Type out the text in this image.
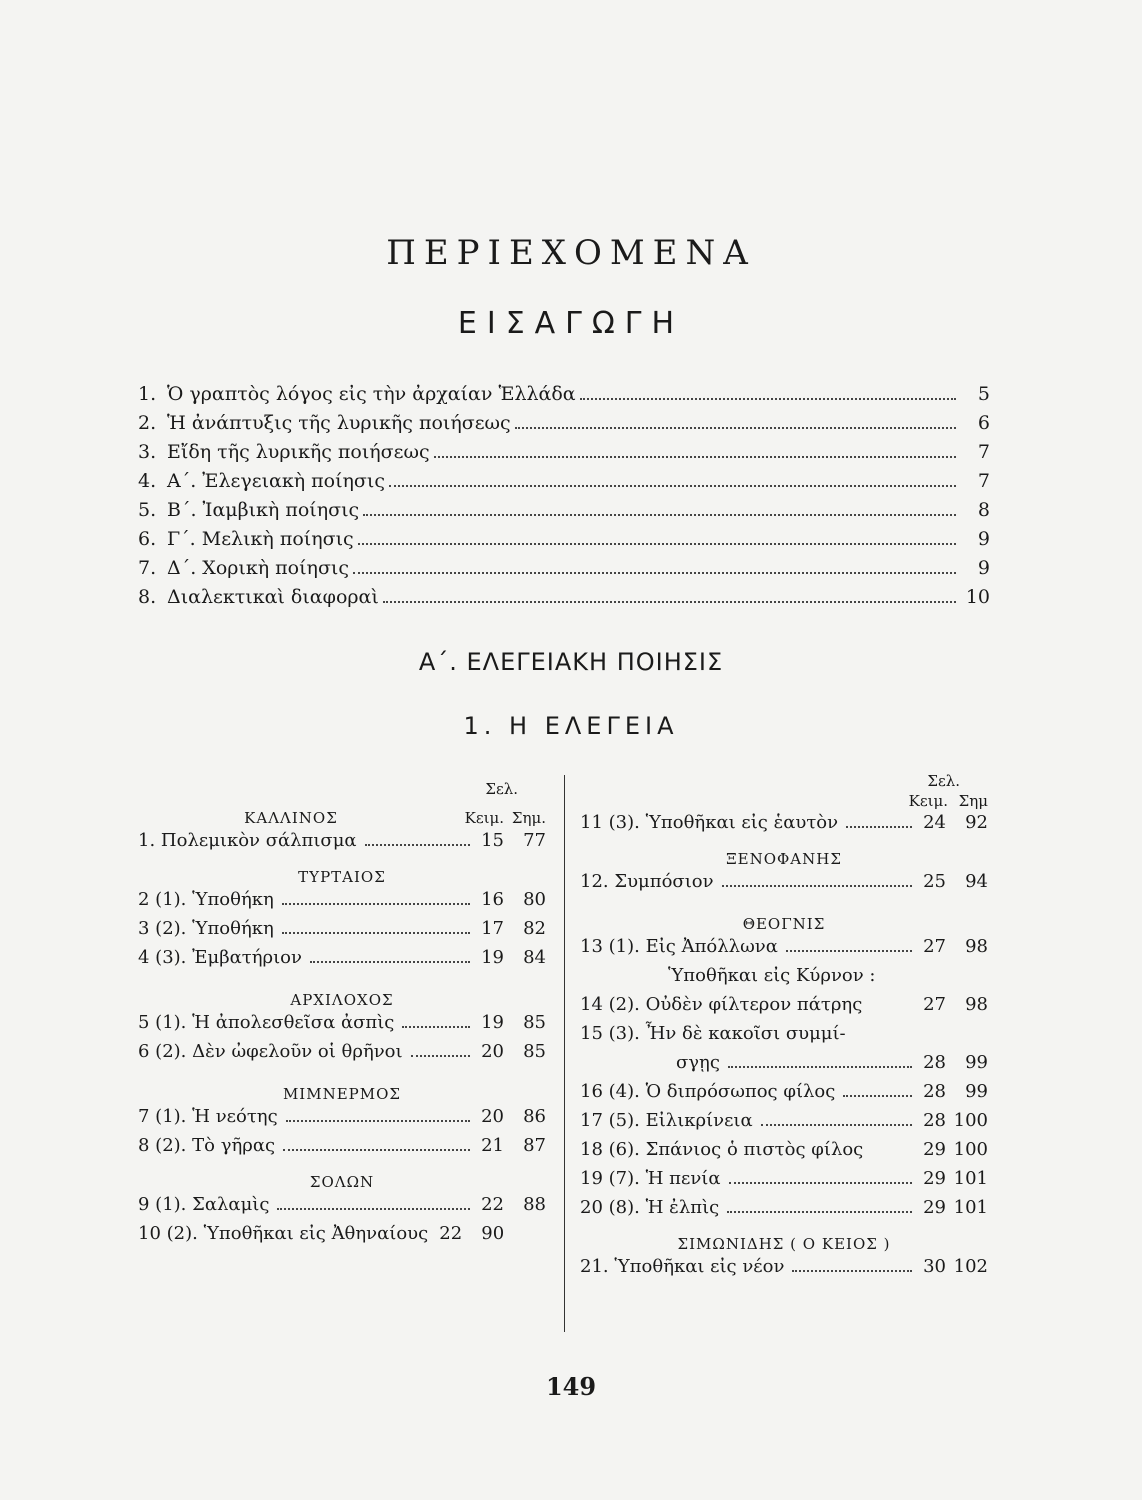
ΠΕΡΙΕΧΟΜΕΝΑ
ΕΙΣΑΓΩΓΗ
1. Ὁ γραπτὸς λόγος εἰς τὴν ἀρχαίαν Ἑλλάδα	5
2. Ἡ ἀνάπτυξις τῆς λυρικῆς ποιήσεως	6
3. Εἴδη τῆς λυρικῆς ποιήσεως	7
4. Α΄. Ἐλεγειακὴ ποίησις	7
5. Β΄. Ἰαμβικὴ ποίησις	8
6. Γ΄. Μελικὴ ποίησις	9
7. Δ΄. Χορικὴ ποίησις	9
8. Διαλεκτικαὶ διαφοραὶ	10
Α΄. ΕΛΕΓΕΙΑΚΗ ΠΟΙΗΣΙΣ
1. Η ΕΛΕΓΕΙΑ
Σελ.
ΚΑΛΛΙΝΟΣ	Κειμ. Σημ.
1. Πολεμικὸν σάλπισμα	15	77
ΤΥΡΤΑΙΟΣ
2 (1). Ὑποθήκη	16	80
3 (2). Ὑποθήκη	17	82
4 (3). Ἐμβατήριον	19	84
ΑΡΧΙΛΟΧΟΣ
5 (1). Ἡ ἀπολεσθεῖσα ἀσπὶς	19	85
6 (2). Δὲν ὠφελοῦν οἱ θρῆνοι	20	85
ΜΙΜΝΕΡΜΟΣ
7 (1). Ἡ νεότης	20	86
8 (2). Τὸ γῆρας	21	87
ΣΟΛΩΝ
9 (1). Σαλαμὶς	22	88
10 (2). Ὑποθῆκαι εἰς Ἀθηναίους 22	90
Σελ.
Κειμ. Σημ
11 (3). Ὑποθῆκαι εἰς ἑαυτὸν	24	92
ΞΕΝΟΦΑΝΗΣ
12. Συμπόσιον	25	94
ΘΕΟΓΝΙΣ
13 (1). Εἰς Ἀπόλλωνα	27	98
Ὑποθῆκαι εἰς Κύρνον :
14 (2). Οὐδὲν φίλτερον πάτρης	27	98
15 (3). Ἦν δὲ κακοῖσι συμμί-
σγῃς	28	99
16 (4). Ὁ διπρόσωπος φίλος	28	99
17 (5). Εἰλικρίνεια	28 100
18 (6). Σπάνιος ὁ πιστὸς φίλος	29 100
19 (7). Ἡ πενία	29 101
20 (8). Ἡ ἐλπὶς	29 101
ΣΙΜΩΝΙΔΗΣ ( Ο ΚΕΙΟΣ )
21. Ὑποθῆκαι εἰς νέον	30 102
149
